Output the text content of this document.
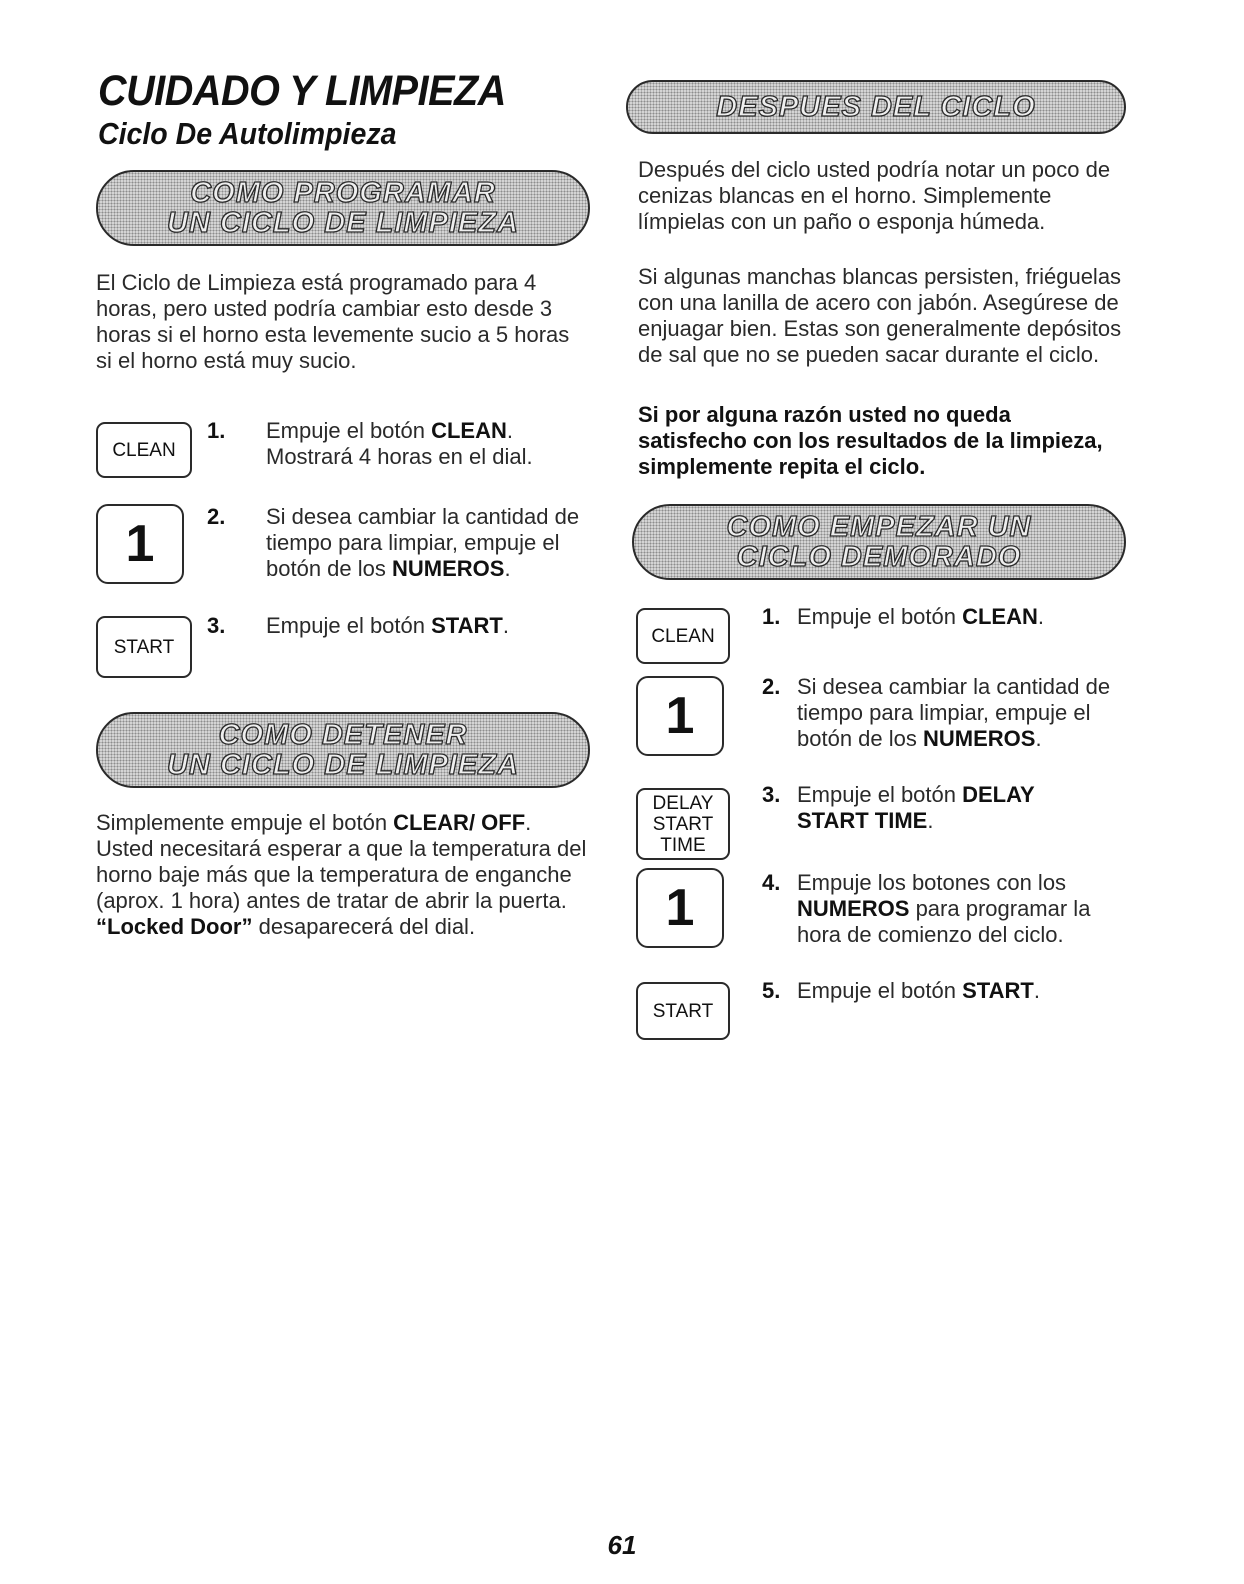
CUIDADO Y LIMPIEZA
Ciclo De Autolimpieza
COMO PROGRAMAR
UN CICLO DE LIMPIEZA

El Ciclo de Limpieza está programado para 4 horas, pero usted podría cambiar esto desde 3 horas si el horno esta levemente sucio a 5 horas si el horno está muy sucio.

CLEAN
1. Empuje el botón CLEAN. Mostrará 4 horas en el dial.
1	2. Si desea cambiar la cantidad de tiempo para limpiar, empuje el botón de los NUMEROS.
START
3. Empuje el botón START.
COMO DETENER
UN CICLO DE LIMPIEZA

Simplemente empuje el botón CLEAR/ OFF. Usted necesitará esperar a que la temperatura del horno baje más que la temperatura de enganche (aprox. 1 hora) antes de tratar de abrir la puerta. “Locked Door” desaparecerá del dial.

DESPUES DEL CICLO

Después del ciclo usted podría notar un poco de cenizas blancas en el horno. Simplemente límpielas con un paño o esponja húmeda.

Si algunas manchas blancas persisten, friéguelas con una lanilla de acero con jabón. Asegúrese de enjuagar bien. Estas son generalmente depósitos de sal que no se pueden sacar durante el ciclo.

Si por alguna razón usted no queda satisfecho con los resultados de la limpieza, simplemente repita el ciclo.

COMO EMPEZAR UN
CICLO DEMORADO
CLEAN
1. Empuje el botón CLEAN.
1	2. Si desea cambiar la cantidad de tiempo para limpiar, empuje el botón de los NUMEROS.
DELAY
START
TIME
3. Empuje el botón DELAY START TIME.
1	4. Empuje los botones con los NUMEROS para programar la hora de comienzo del ciclo.
START
5. Empuje el botón START.
61
